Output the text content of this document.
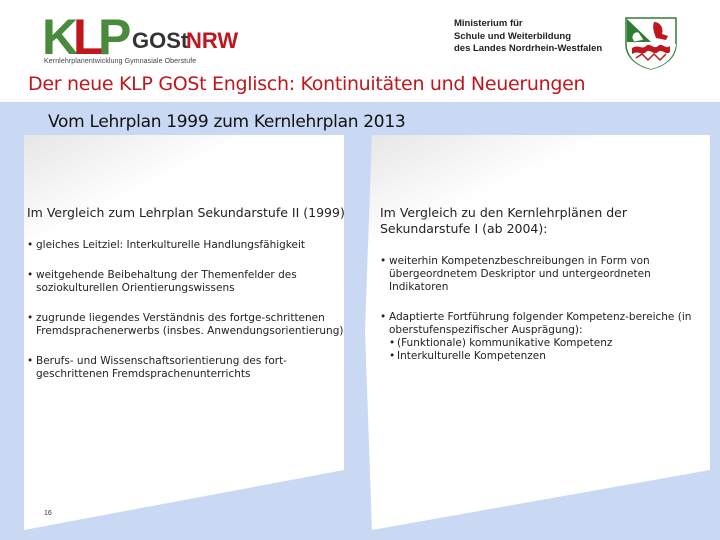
K
L
P GOSt
NRW
Kernlehrplanentwicklung Gymnasiale Oberstufe
Ministerium für
Schule und Weiterbildung
des Landes Nordrhein-Westfalen
Der neue KLP GOSt Englisch: Kontinuitäten und Neuerungen
Vom Lehrplan 1999 zum Kernlehrplan 2013
Im Vergleich zum Lehrplan Sekundarstufe II (1999)
• gleiches Leitziel: Interkulturelle Handlungsfähigkeit
• weitgehende Beibehaltung der Themenfelder des soziokulturellen Orientierungswissens
• zugrunde liegendes Verständnis des fortge-schrittenen Fremdsprachenerwerbs (insbes. Anwendungsorientierung)
• Berufs- und Wissenschaftsorientierung des fort-geschrittenen Fremdsprachenunterrichts
Im Vergleich zu den Kernlehrplänen der Sekundarstufe I (ab 2004):
• weiterhin Kompetenzbeschreibungen in Form von übergeordnetem Deskriptor und untergeordneten Indikatoren
• Adaptierte Fortführung folgender Kompetenz-bereiche (in oberstufenspezifischer Ausprägung):
• (Funktionale) kommunikative Kompetenz
• Interkulturelle Kompetenzen
16
